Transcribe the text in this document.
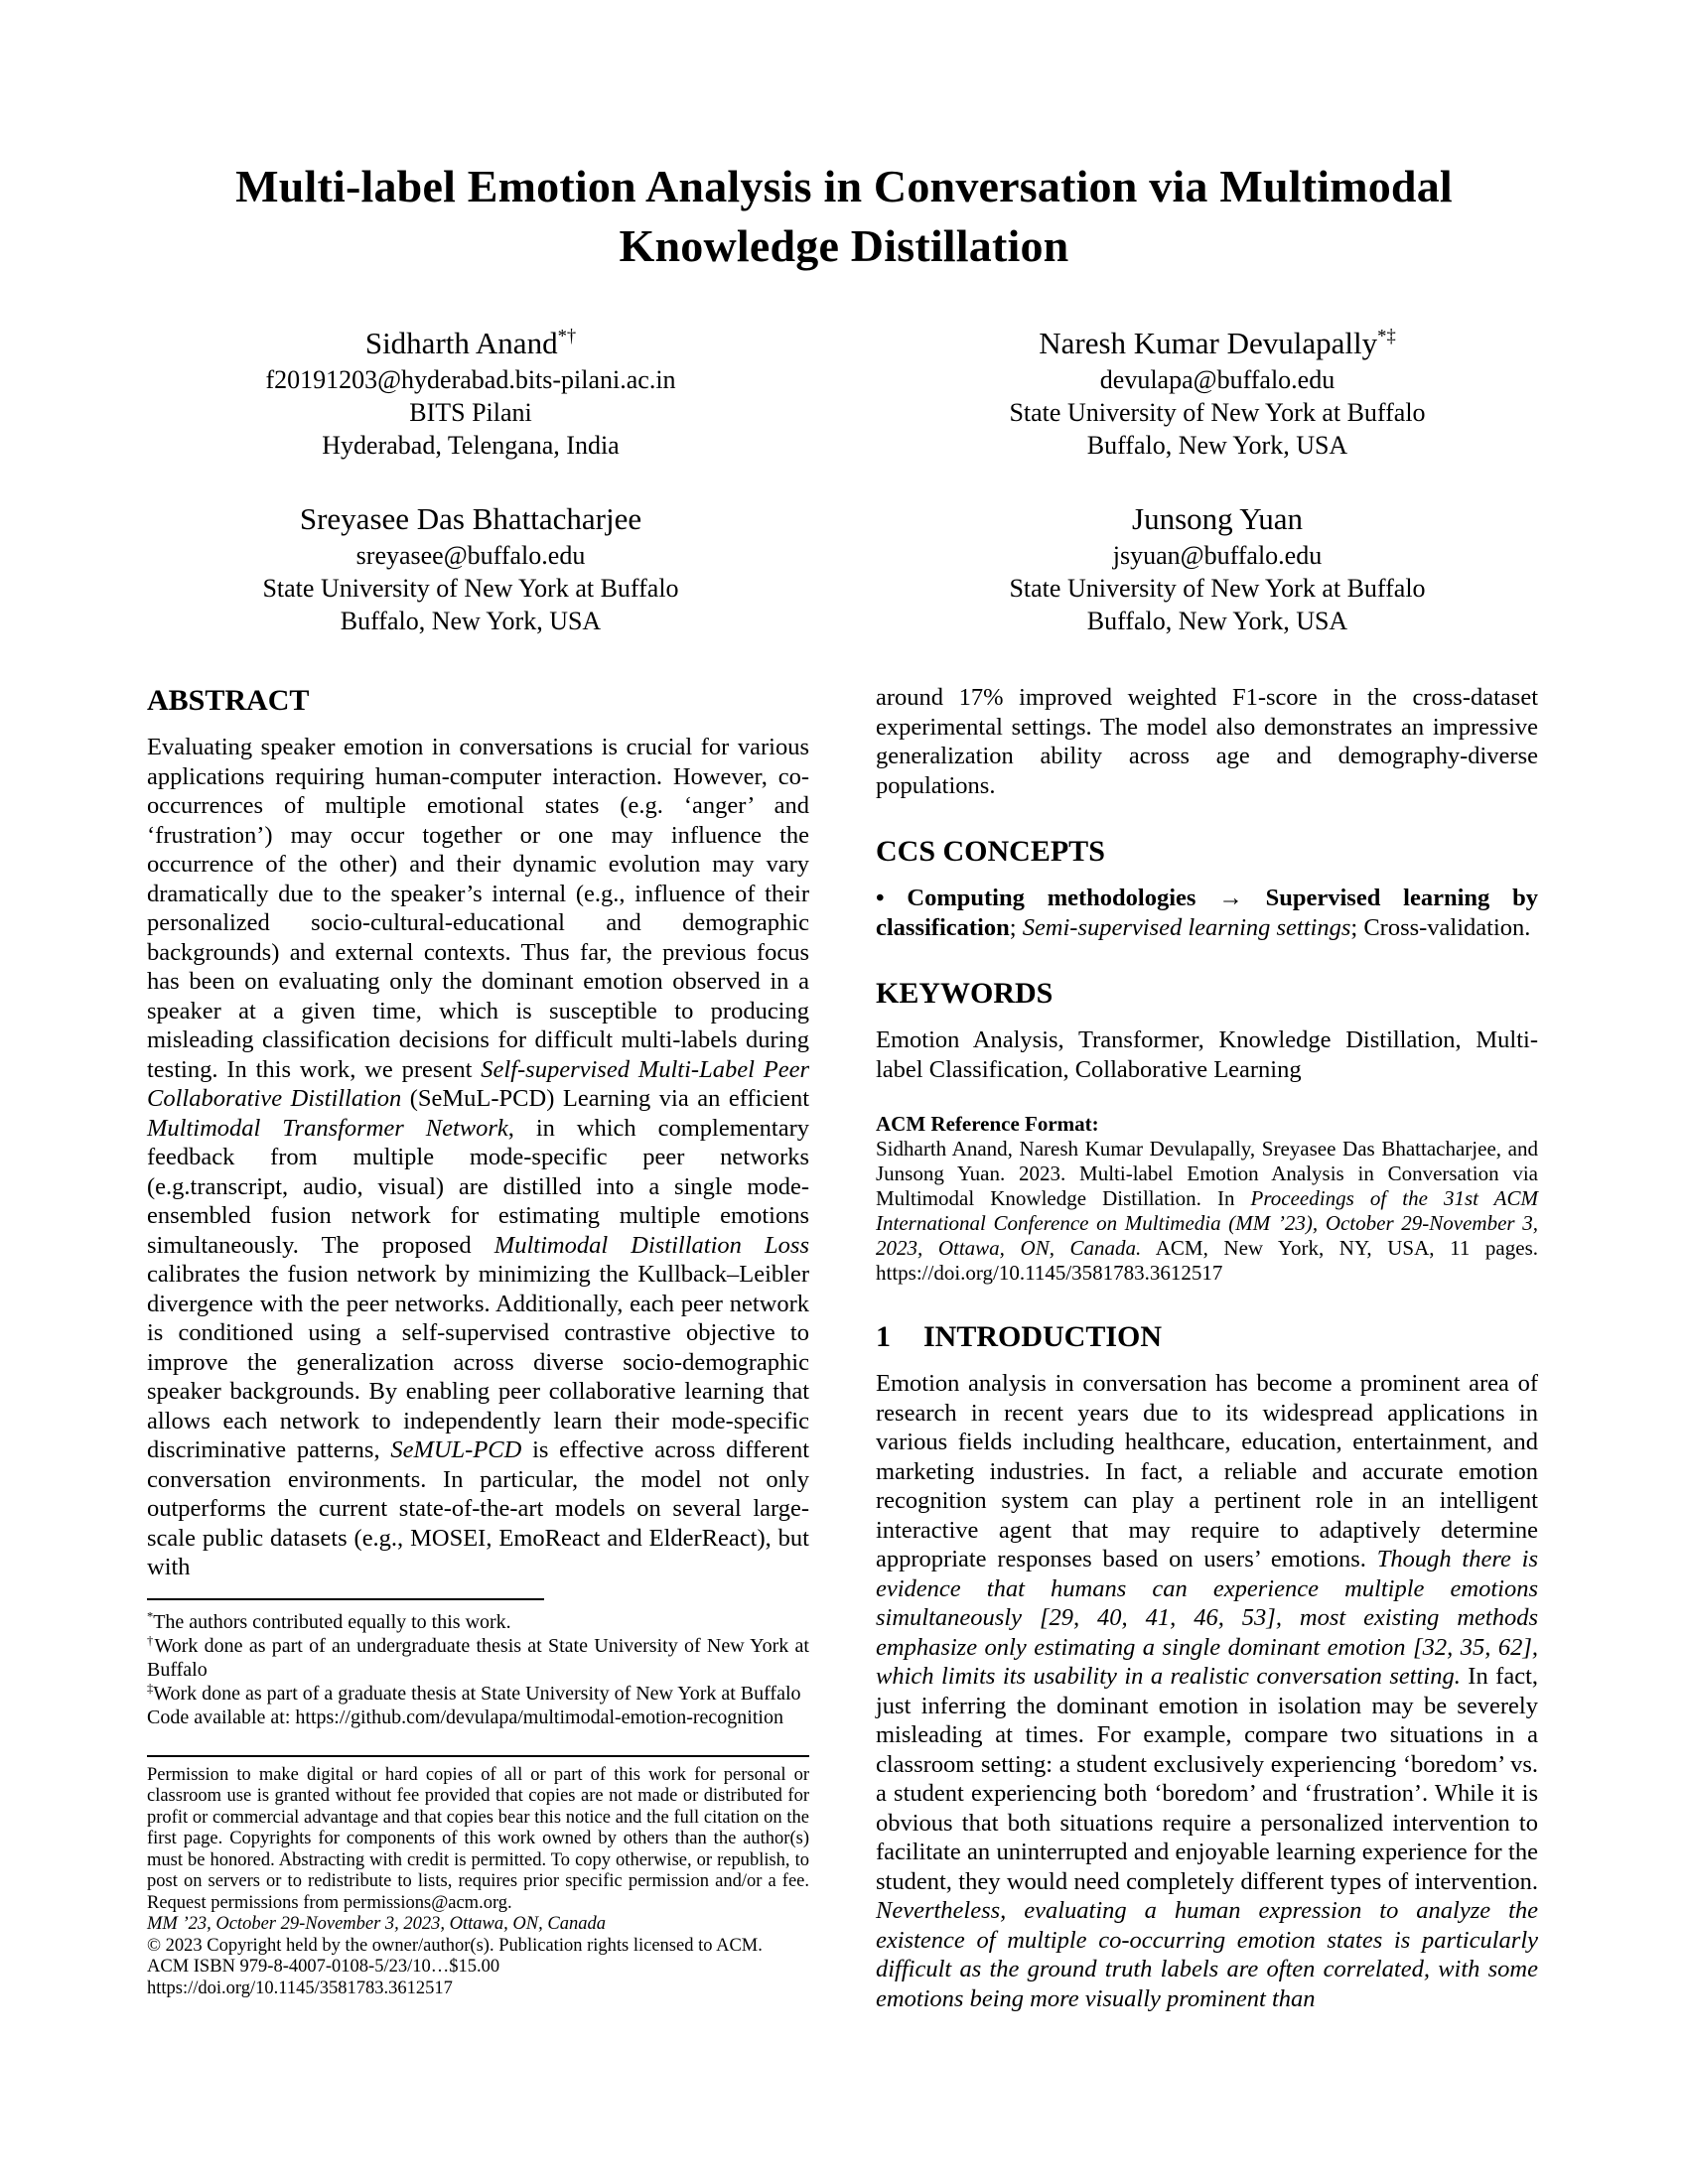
Multi-label Emotion Analysis in Conversation via Multimodal Knowledge Distillation
Sidharth Anand*†
f20191203@hyderabad.bits-pilani.ac.in
BITS Pilani
Hyderabad, Telengana, India
Naresh Kumar Devulapally*‡
devulapa@buffalo.edu
State University of New York at Buffalo
Buffalo, New York, USA
Sreyasee Das Bhattacharjee
sreyasee@buffalo.edu
State University of New York at Buffalo
Buffalo, New York, USA
Junsong Yuan
jsyuan@buffalo.edu
State University of New York at Buffalo
Buffalo, New York, USA
ABSTRACT

Evaluating speaker emotion in conversations is crucial for various applications requiring human-computer interaction. However, co-occurrences of multiple emotional states (e.g. ‘anger’ and ‘frustration’) may occur together or one may influence the occurrence of the other) and their dynamic evolution may vary dramatically due to the speaker’s internal (e.g., influence of their personalized socio-cultural-educational and demographic backgrounds) and external contexts. Thus far, the previous focus has been on evaluating only the dominant emotion observed in a speaker at a given time, which is susceptible to producing misleading classification decisions for difficult multi-labels during testing. In this work, we present Self-supervised Multi-Label Peer Collaborative Distillation (SeMuL-PCD) Learning via an efficient Multimodal Transformer Network, in which complementary feedback from multiple mode-specific peer networks (e.g.transcript, audio, visual) are distilled into a single mode-ensembled fusion network for estimating multiple emotions simultaneously. The proposed Multimodal Distillation Loss calibrates the fusion network by minimizing the Kullback–Leibler divergence with the peer networks. Additionally, each peer network is conditioned using a self-supervised contrastive objective to improve the generalization across diverse socio-demographic speaker backgrounds. By enabling peer collaborative learning that allows each network to independently learn their mode-specific discriminative patterns, SeMUL-PCD is effective across different conversation environments. In particular, the model not only outperforms the current state-of-the-art models on several large-scale public datasets (e.g., MOSEI, EmoReact and ElderReact), but with

*The authors contributed equally to this work.

†Work done as part of an undergraduate thesis at State University of New York at Buffalo

‡Work done as part of a graduate thesis at State University of New York at Buffalo

Code available at: https://github.com/devulapa/multimodal-emotion-recognition

Permission to make digital or hard copies of all or part of this work for personal or classroom use is granted without fee provided that copies are not made or distributed for profit or commercial advantage and that copies bear this notice and the full citation on the first page. Copyrights for components of this work owned by others than the author(s) must be honored. Abstracting with credit is permitted. To copy otherwise, or republish, to post on servers or to redistribute to lists, requires prior specific permission and/or a fee. Request permissions from permissions@acm.org.

MM ’23, October 29-November 3, 2023, Ottawa, ON, Canada

© 2023 Copyright held by the owner/author(s). Publication rights licensed to ACM.

ACM ISBN 979-8-4007-0108-5/23/10…$15.00

https://doi.org/10.1145/3581783.3612517

around 17% improved weighted F1-score in the cross-dataset experimental settings. The model also demonstrates an impressive generalization ability across age and demography-diverse populations.

CCS CONCEPTS

• Computing methodologies → Supervised learning by classification; Semi-supervised learning settings; Cross-validation.

KEYWORDS

Emotion Analysis, Transformer, Knowledge Distillation, Multi-label Classification, Collaborative Learning

ACM Reference Format:

Sidharth Anand, Naresh Kumar Devulapally, Sreyasee Das Bhattacharjee, and Junsong Yuan. 2023. Multi-label Emotion Analysis in Conversation via Multimodal Knowledge Distillation. In Proceedings of the 31st ACM International Conference on Multimedia (MM ’23), October 29-November 3, 2023, Ottawa, ON, Canada. ACM, New York, NY, USA, 11 pages. https://doi.org/10.1145/3581783.3612517

1 INTRODUCTION

Emotion analysis in conversation has become a prominent area of research in recent years due to its widespread applications in various fields including healthcare, education, entertainment, and marketing industries. In fact, a reliable and accurate emotion recognition system can play a pertinent role in an intelligent interactive agent that may require to adaptively determine appropriate responses based on users’ emotions. Though there is evidence that humans can experience multiple emotions simultaneously [29, 40, 41, 46, 53], most existing methods emphasize only estimating a single dominant emotion [32, 35, 62], which limits its usability in a realistic conversation setting. In fact, just inferring the dominant emotion in isolation may be severely misleading at times. For example, compare two situations in a classroom setting: a student exclusively experiencing ‘boredom’ vs. a student experiencing both ‘boredom’ and ‘frustration’. While it is obvious that both situations require a personalized intervention to facilitate an uninterrupted and enjoyable learning experience for the student, they would need completely different types of intervention. Nevertheless, evaluating a human expression to analyze the existence of multiple co-occurring emotion states is particularly difficult as the ground truth labels are often correlated, with some emotions being more visually prominent than
